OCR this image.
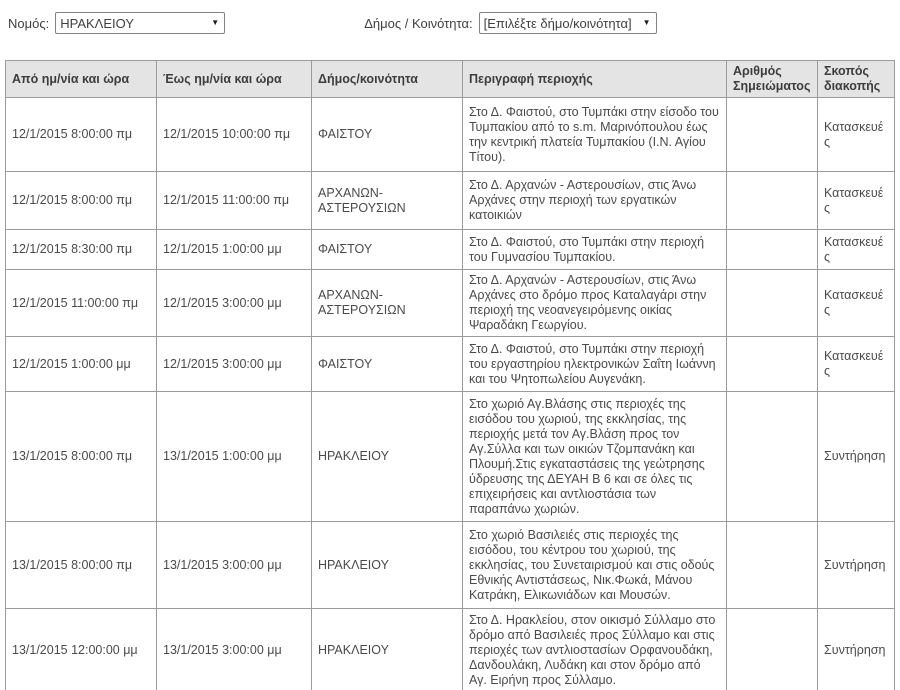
Νομός:
ΗΡΑΚΛΕΙΟΥ	▼	Δήμος / Κοινότητα:
[Επιλέξτε δήμο/κοινότητα]	▼
Από ημ/νία και ώρα	Έως ημ/νία και ώρα	Δήμος/κοινότητα	Περιγραφή περιοχής	Αριθμός Σημειώματος	Σκοπός διακοπής
12/1/2015 8:00:00 πμ	12/1/2015 10:00:00 πμ	ΦΑΙΣΤΟΥ	Στο Δ. Φαιστού, στο Τυμπάκι στην είσοδο του Τυμπακίου από το s.m. Μαρινόπουλου έως την κεντρική πλατεία Τυμπακίου (Ι.Ν. Αγίου Τίτου).		Κατασκευές
12/1/2015 8:00:00 πμ	12/1/2015 11:00:00 πμ	ΑΡΧΑΝΩΝ-ΑΣΤΕΡΟΥΣΙΩΝ	Στο Δ. Αρχανών - Αστερουσίων, στις Άνω Αρχάνες στην περιοχή των εργατικών κατοικιών		Κατασκευές
12/1/2015 8:30:00 πμ	12/1/2015 1:00:00 μμ	ΦΑΙΣΤΟΥ	Στο Δ. Φαιστού, στο Τυμπάκι στην περιοχή του Γυμνασίου Τυμπακίου.		Κατασκευές
12/1/2015 11:00:00 πμ	12/1/2015 3:00:00 μμ	ΑΡΧΑΝΩΝ-ΑΣΤΕΡΟΥΣΙΩΝ	Στο Δ. Αρχανών - Αστερουσίων, στις Άνω Αρχάνες στο δρόμο προς Καταλαγάρι στην περιοχή της νεοανεγειρόμενης οικίας Ψαραδάκη Γεωργίου.		Κατασκευές
12/1/2015 1:00:00 μμ	12/1/2015 3:00:00 μμ	ΦΑΙΣΤΟΥ	Στο Δ. Φαιστού, στο Τυμπάκι στην περιοχή του εργαστηρίου ηλεκτρονικών Σαΐτη Ιωάννη και του Ψητοπωλείου Αυγενάκη.		Κατασκευές
13/1/2015 8:00:00 πμ	13/1/2015 1:00:00 μμ	ΗΡΑΚΛΕΙΟΥ	Στο χωριό Αγ.Βλάσης στις περιοχές της εισόδου του χωριού, της εκκλησίας, της περιοχής μετά τον Αγ.Βλάση προς τον Αγ.Σύλλα και των οικιών Τζομπανάκη και Πλουμή.Στις εγκαταστάσεις της γεώτρησης ύδρευσης της ΔΕΥΑΗ Β 6 και σε όλες τις επιχειρήσεις και αντλιοστάσια των παραπάνω χωριών.		Συντήρηση
13/1/2015 8:00:00 πμ	13/1/2015 3:00:00 μμ	ΗΡΑΚΛΕΙΟΥ	Στο χωριό Βασιλειές στις περιοχές της εισόδου, του κέντρου του χωριού, της εκκλησίας, του Συνεταιρισμού και στις οδούς Εθνικής Αντιστάσεως, Νικ.Φωκά, Μάνου Κατράκη, Ελικωνιάδων και Μουσών.		Συντήρηση
13/1/2015 12:00:00 μμ	13/1/2015 3:00:00 μμ	ΗΡΑΚΛΕΙΟΥ	Στο Δ. Ηρακλείου, στον οικισμό Σύλλαμο στο δρόμο από Βασιλειές προς Σύλλαμο και στις περιοχές των αντλιοστασίων Ορφανουδάκη, Δανδουλάκη, Λυδάκη και στον δρόμο από Αγ. Ειρήνη προς Σύλλαμο.		Συντήρηση
